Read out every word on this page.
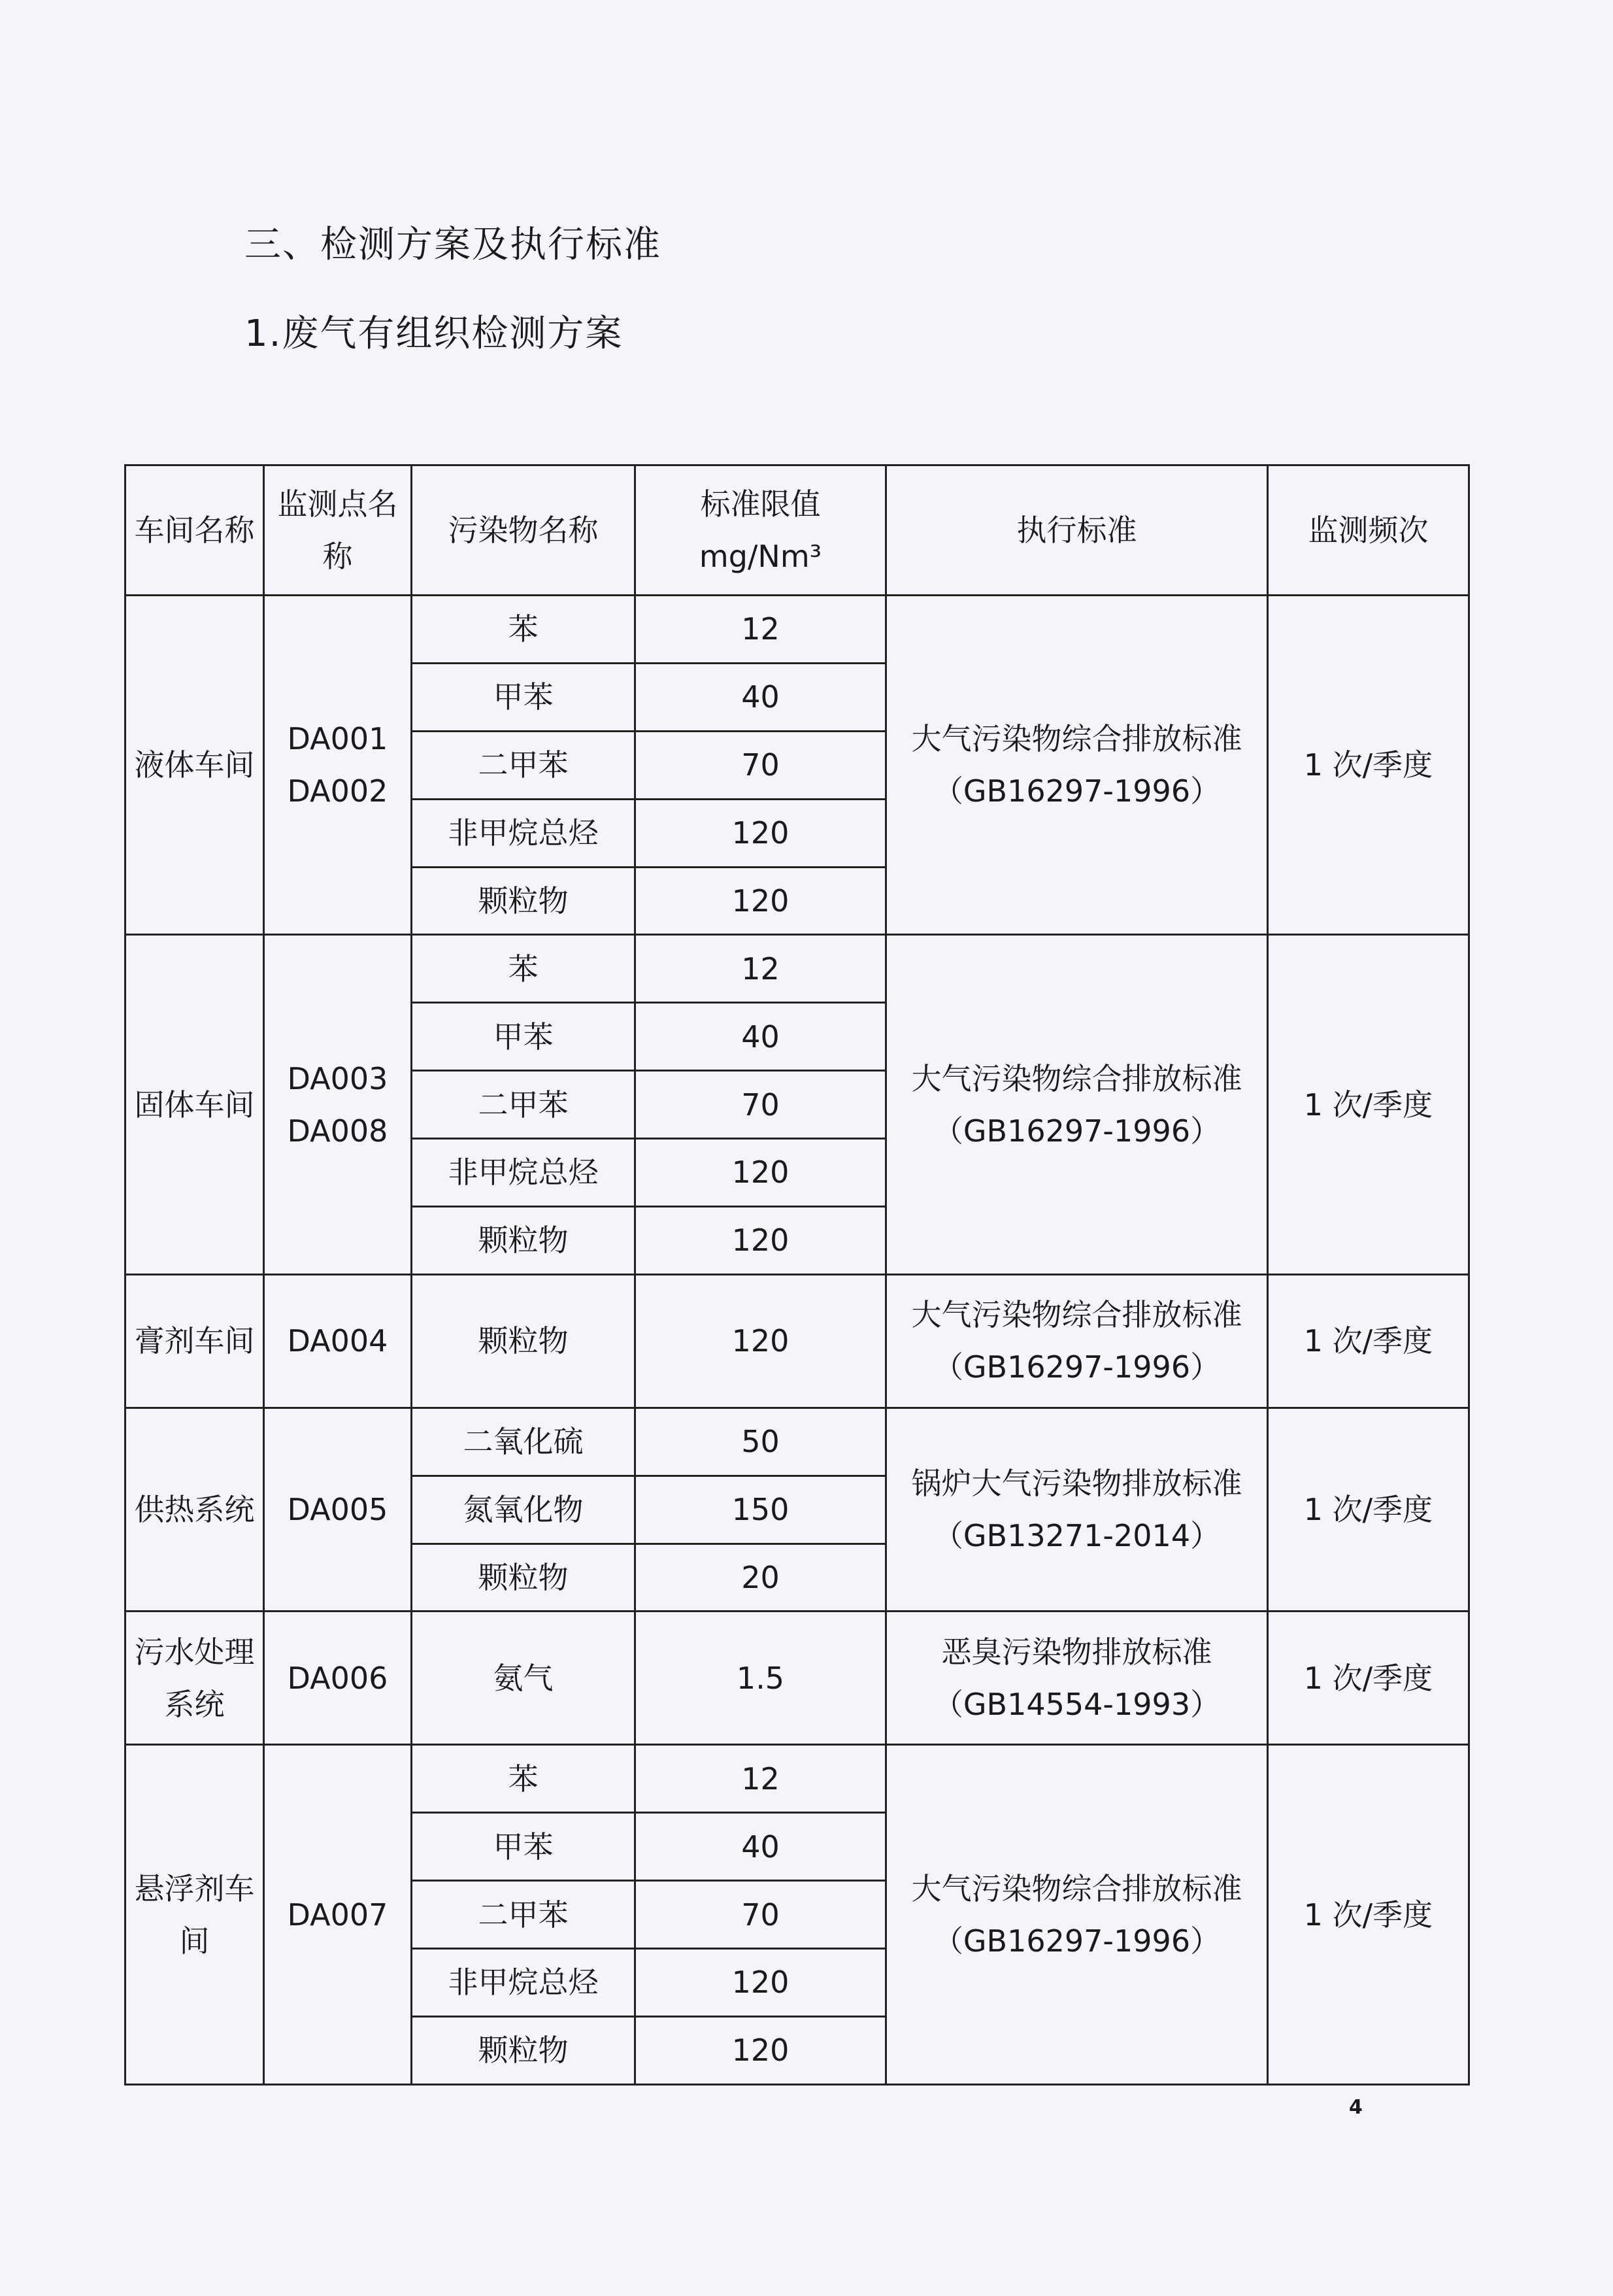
三、检测方案及执行标准
1.废气有组织检测方案
车间名称	监测点名称	污染物名称	标准限值mg/Nm³	执行标准	监测频次
液体车间	DA001 DA002	苯	12	大气污染物综合排放标准（GB16297-1996）	1 次/季度
		甲苯	40		
		二甲苯	70		
		非甲烷总烃	120		
		颗粒物	120		
固体车间	DA003 DA008	苯	12	大气污染物综合排放标准（GB16297-1996）	1 次/季度
		甲苯	40		
		二甲苯	70		
		非甲烷总烃	120		
		颗粒物	120		
膏剂车间	DA004	颗粒物	120	大气污染物综合排放标准（GB16297-1996）	1 次/季度
供热系统	DA005	二氧化硫	50	锅炉大气污染物排放标准（GB13271-2014）	1 次/季度
		氮氧化物	150		
		颗粒物	20		
污水处理系统	DA006	氨气	1.5	恶臭污染物排放标准（GB14554-1993）	1 次/季度
悬浮剂车间	DA007	苯	12	大气污染物综合排放标准（GB16297-1996）	1 次/季度
		甲苯	40		
		二甲苯	70		
		非甲烷总烃	120		
		颗粒物	120		
4
